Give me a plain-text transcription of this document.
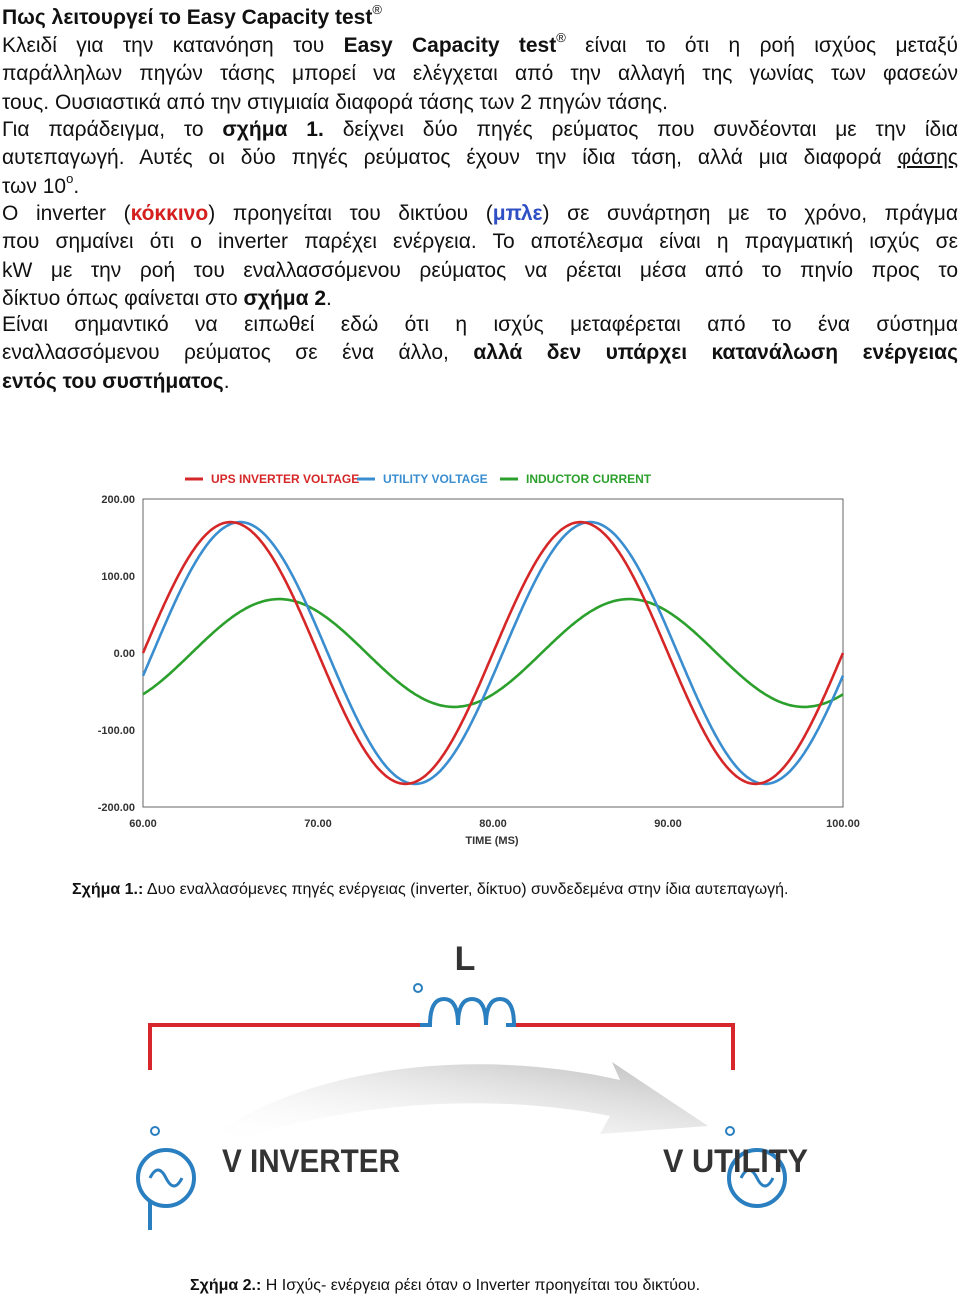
Πως λειτουργεί το Easy Capacity test®

Κλειδί για την κατανόηση του Easy Capacity test® είναι το ότι η ροή ισχύος μεταξύ

παράλληλων πηγών τάσης μπορεί να ελέγχεται από την αλλαγή της γωνίας των φασεών

τους. Ουσιαστικά από την στιγμιαία διαφορά τάσης των 2 πηγών τάσης.

Για παράδειγμα, το σχήμα 1. δείχνει δύο πηγές ρεύματος που συνδέονται με την ίδια

αυτεπαγωγή. Αυτές οι δύο πηγές ρεύματος έχουν την ίδια τάση, αλλά μια διαφορά φάσης

των 10$^o$.

Ο inverter (κόκκινο) προηγείται του δικτύου (μπλε) σε συνάρτηση με το χρόνο, πράγμα

που σημαίνει ότι ο inverter παρέχει ενέργεια. Το αποτέλεσμα είναι η πραγματική ισχύς σε

kW με την ροή του εναλλασσόμενου ρεύματος να ρέεται μέσα από το πηνίο προς το

δίκτυο όπως φαίνεται στο σχήμα 2.

Είναι σημαντικό να ειπωθεί εδώ ότι η ισχύς μεταφέρεται από το ένα σύστημα

εναλλασσόμενου ρεύματος σε ένα άλλο, αλλά δεν υπάρχει κατανάλωση ενέργειας

εντός του συστήματος.

UPS INVERTER VOLTAGE UTILITY VOLTAGE	INDUCTOR CURRENT
200.00
100.00
0.00
-100.00
-200.00
60.00	70.00	80.00	90.00	100.00
TIME (MS)
Σχήμα 1.: Δυο εναλλασόμενες πηγές ενέργειας (inverter, δίκτυο) συνδεδεμένα στην ίδια αυτεπαγωγή.
L
V INVERTER	V UTILITY
Σχήμα 2.: Η Ισχύς- ενέργεια ρέει όταν ο Inverter προηγείται του δικτύου.
